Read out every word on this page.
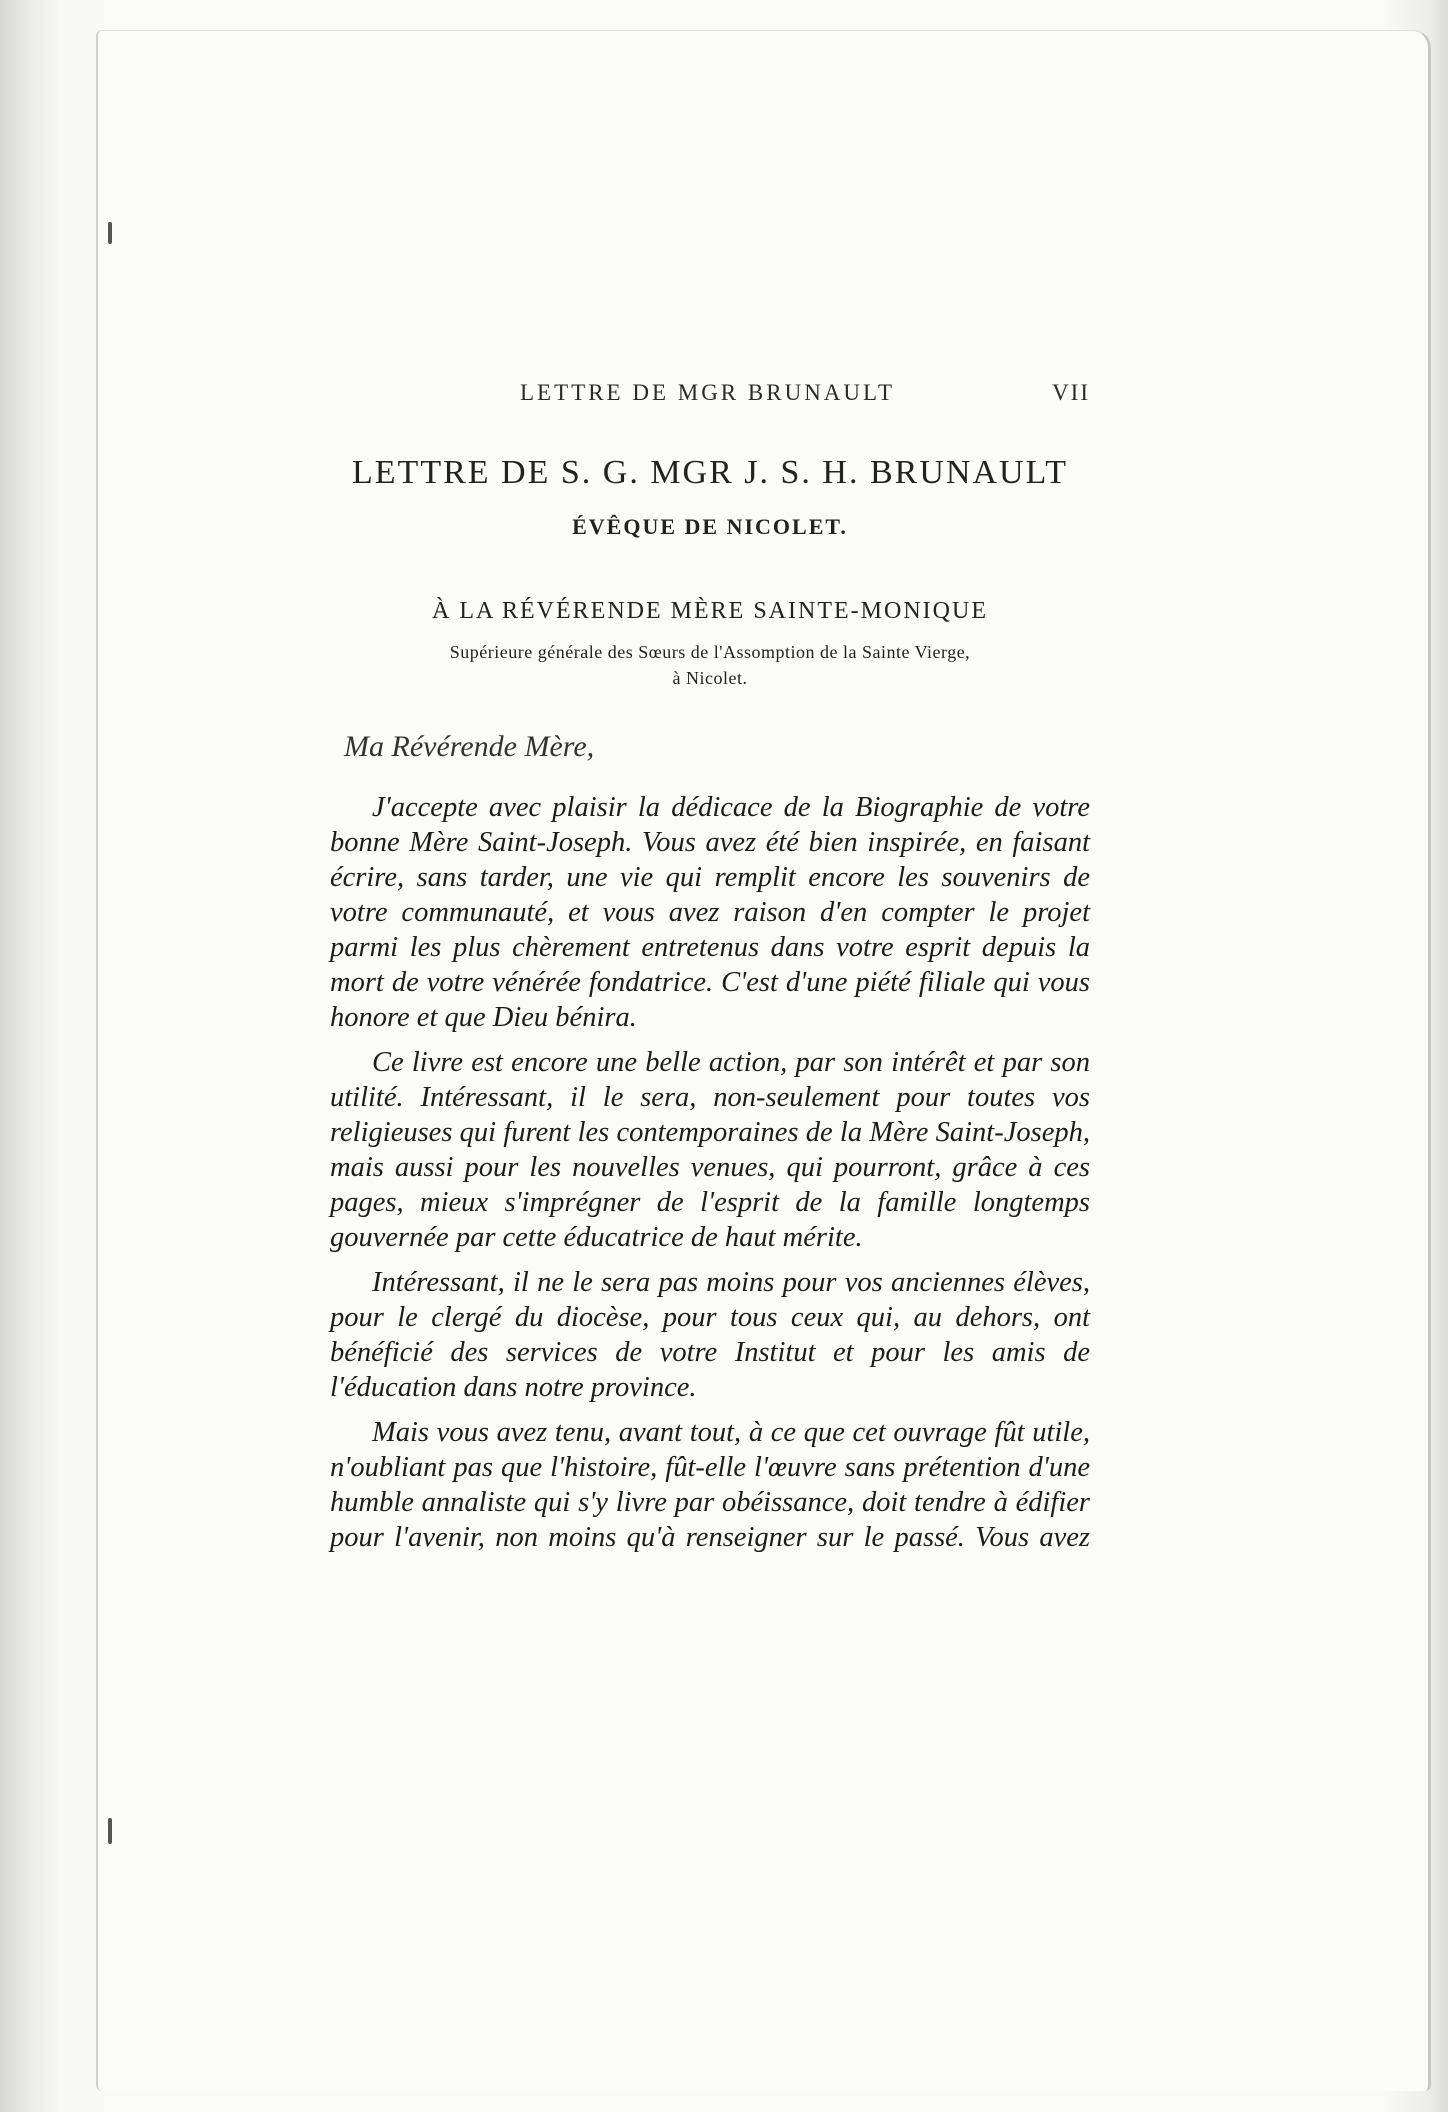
LETTRE DE MGR BRUNAULT	VII
LETTRE DE S. G. MGR J. S. H. BRUNAULT
ÉVÊQUE DE NICOLET.
À LA RÉVÉRENDE MÈRE SAINTE-MONIQUE
Supérieure générale des Sœurs de l'Assomption de la Sainte Vierge,
à Nicolet.
Ma Révérende Mère,

J'accepte avec plaisir la dédicace de la Biographie de votre bonne Mère Saint-Joseph. Vous avez été bien inspirée, en faisant écrire, sans tarder, une vie qui remplit encore les souvenirs de votre communauté, et vous avez raison d'en compter le projet parmi les plus chèrement entretenus dans votre esprit depuis la mort de votre vénérée fondatrice. C'est d'une piété filiale qui vous honore et que Dieu bénira.

Ce livre est encore une belle action, par son intérêt et par son utilité. Intéressant, il le sera, non-seulement pour toutes vos religieuses qui furent les contemporaines de la Mère Saint-Joseph, mais aussi pour les nouvelles venues, qui pourront, grâce à ces pages, mieux s'imprégner de l'esprit de la famille longtemps gouvernée par cette éducatrice de haut mérite.

Intéressant, il ne le sera pas moins pour vos anciennes élèves, pour le clergé du diocèse, pour tous ceux qui, au dehors, ont bénéficié des services de votre Institut et pour les amis de l'éducation dans notre province.

Mais vous avez tenu, avant tout, à ce que cet ouvrage fût utile, n'oubliant pas que l'histoire, fût-elle l'œuvre sans prétention d'une humble annaliste qui s'y livre par obéissance, doit tendre à édifier pour l'avenir, non moins qu'à renseigner sur le passé. Vous avez
